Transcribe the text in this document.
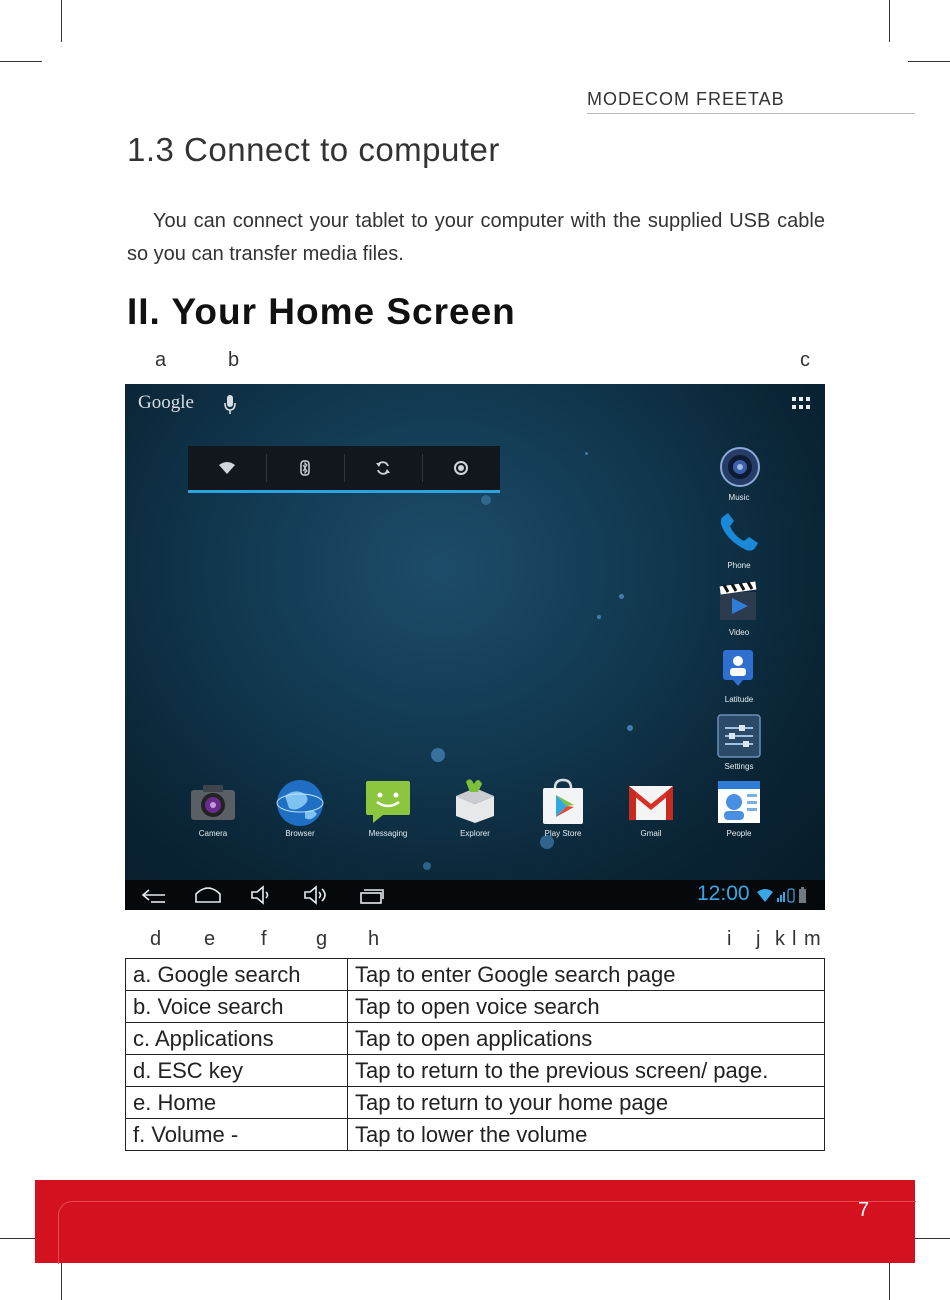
MODECOM FREETAB
1.3 Connect to computer
You can connect your tablet to your computer with the supplied USB cable so you can transfer media files.
II. Your Home Screen
a	b	c
Google
Music
Phone
Video
Latitude
Settings
Camera	Browser	Messaging	Explorer	Play Store	Gmail	People
12:00
d e f g h	i j k l m
a. Google search	Tap to enter Google search page
b. Voice search	Tap to open voice search
c. Applications	Tap to open applications
d. ESC key	Tap to return to the previous screen/ page.
e. Home	Tap to return to your home page
f. Volume -	Tap to lower the volume
7
